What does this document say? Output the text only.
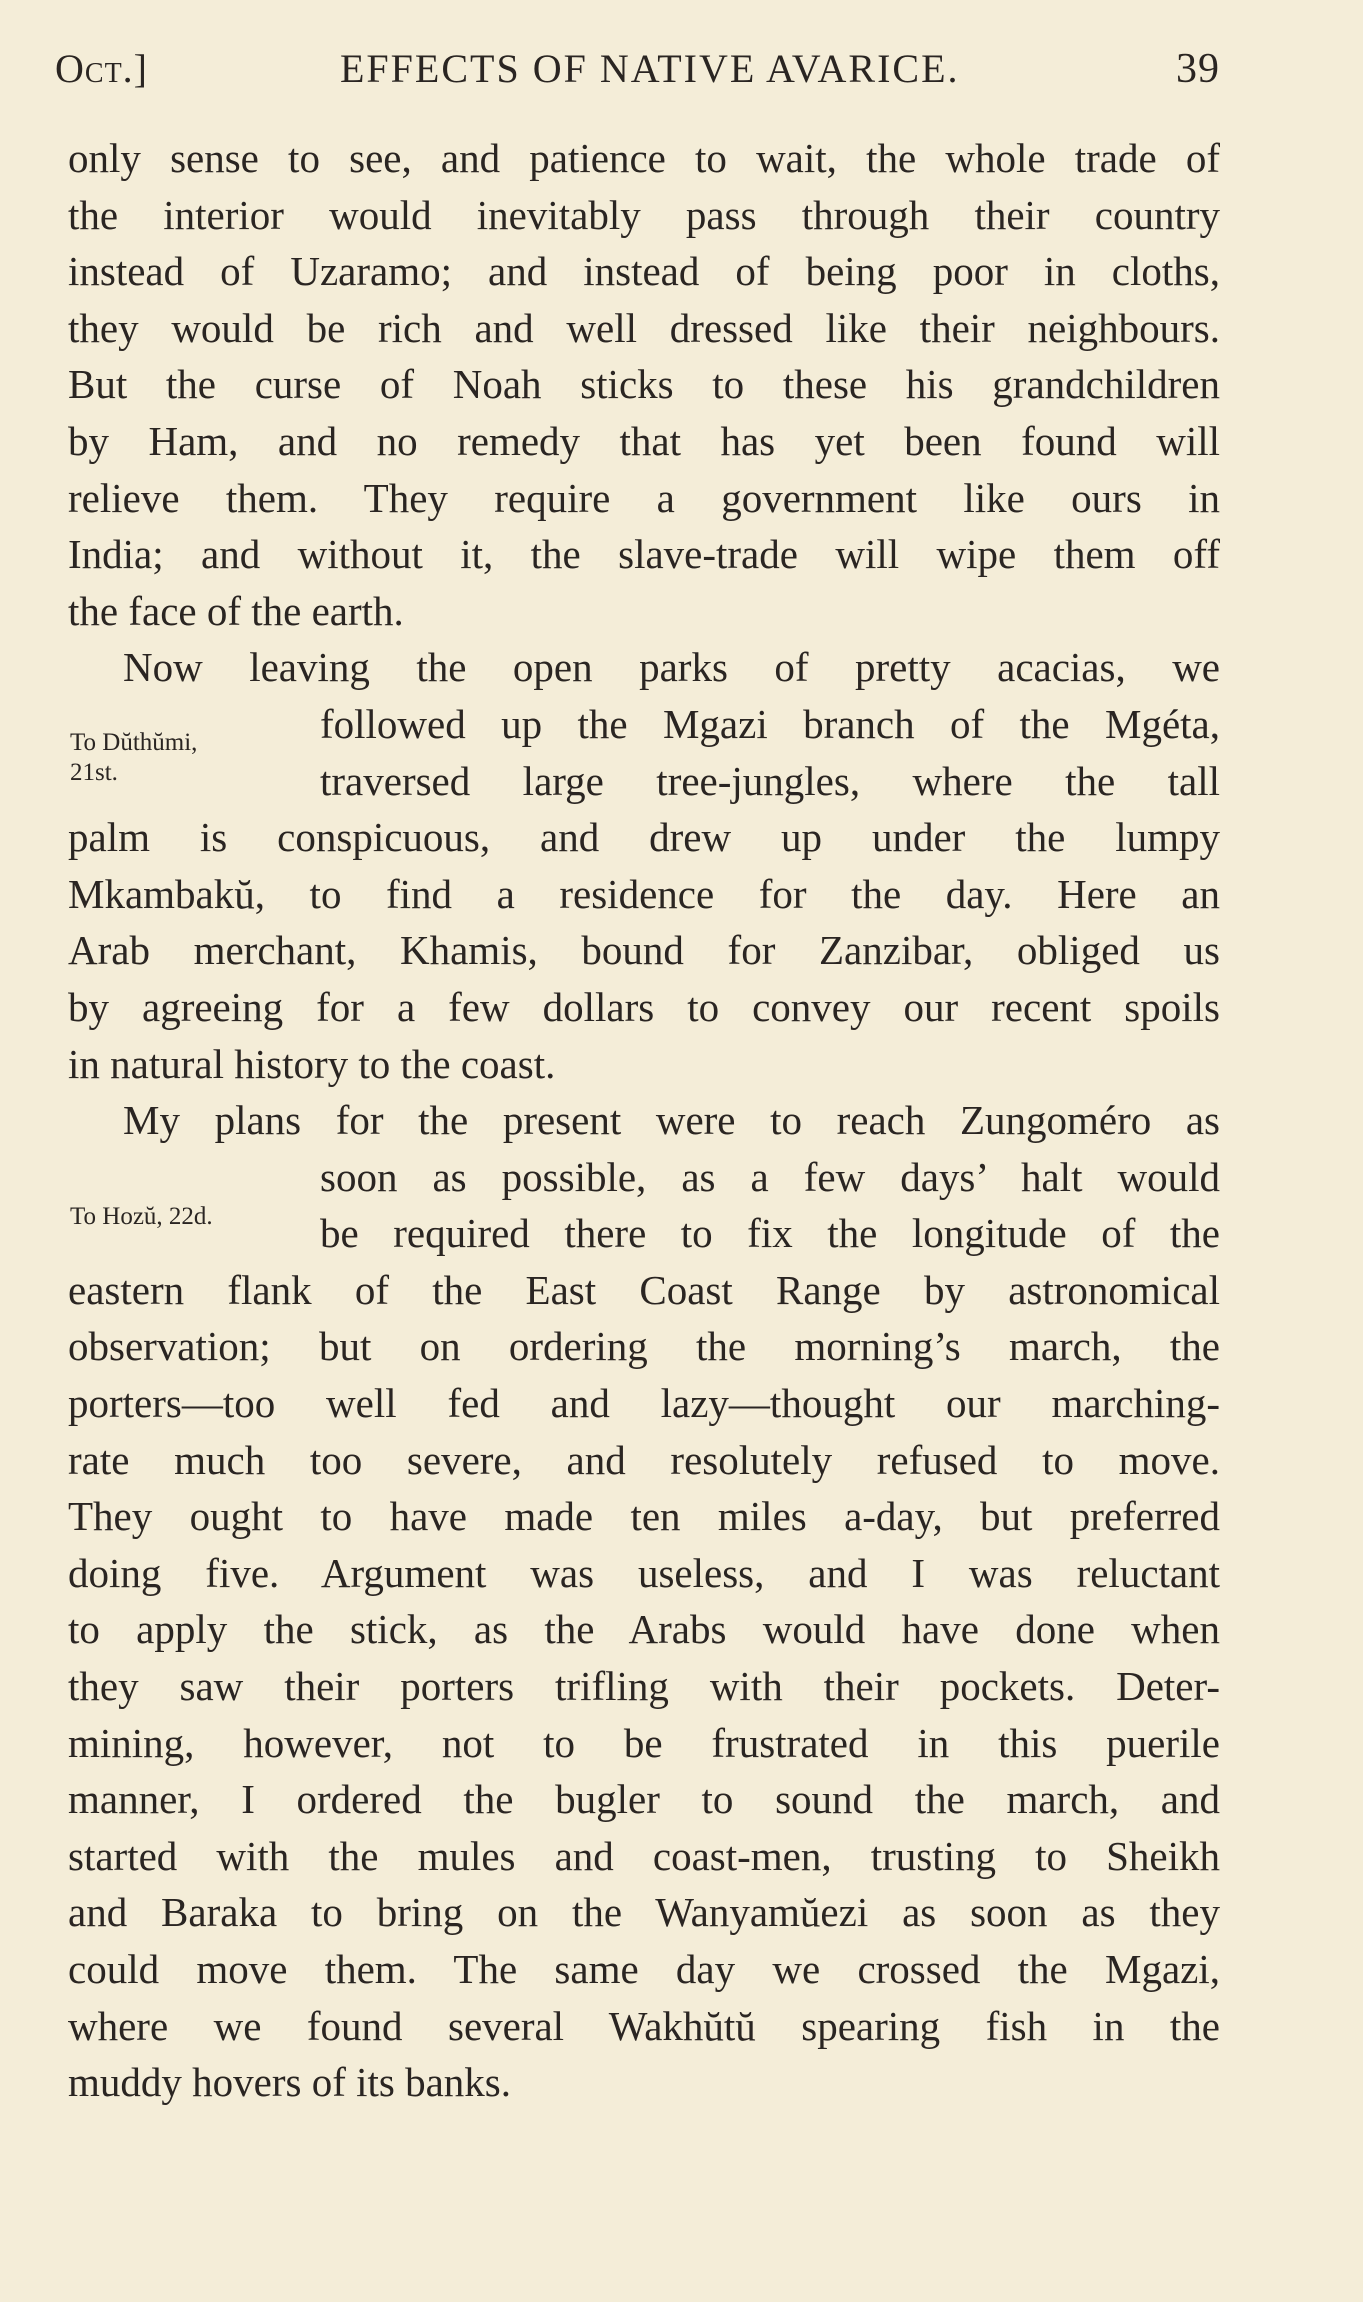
Oct.]	EFFECTS OF NATIVE AVARICE.	39
To Dŭthŭmi,
21st.
To Hozŭ, 22d.
only sense to see, and patience to wait, the whole trade of
the interior would inevitably pass through their country
instead of Uzaramo; and instead of being poor in cloths,
they would be rich and well dressed like their neighbours.
But the curse of Noah sticks to these his grandchildren
by Ham, and no remedy that has yet been found will
relieve them. They require a government like ours in
India; and without it, the slave-trade will wipe them off
the face of the earth.
Now leaving the open parks of pretty acacias, we
followed up the Mgazi branch of the Mgéta,
traversed large tree-jungles, where the tall
palm is conspicuous, and drew up under the lumpy
Mkambakŭ, to find a residence for the day. Here an
Arab merchant, Khamis, bound for Zanzibar, obliged us
by agreeing for a few dollars to convey our recent spoils
in natural history to the coast.
My plans for the present were to reach Zungoméro as
soon as possible, as a few days’ halt would
be required there to fix the longitude of the
eastern flank of the East Coast Range by astronomical
observation; but on ordering the morning’s march, the
porters—too well fed and lazy—thought our marching-
rate much too severe, and resolutely refused to move.
They ought to have made ten miles a-day, but preferred
doing five. Argument was useless, and I was reluctant
to apply the stick, as the Arabs would have done when
they saw their porters trifling with their pockets. Deter-
mining, however, not to be frustrated in this puerile
manner, I ordered the bugler to sound the march, and
started with the mules and coast-men, trusting to Sheikh
and Baraka to bring on the Wanyamŭezi as soon as they
could move them. The same day we crossed the Mgazi,
where we found several Wakhŭtŭ spearing fish in the
muddy hovers of its banks.
